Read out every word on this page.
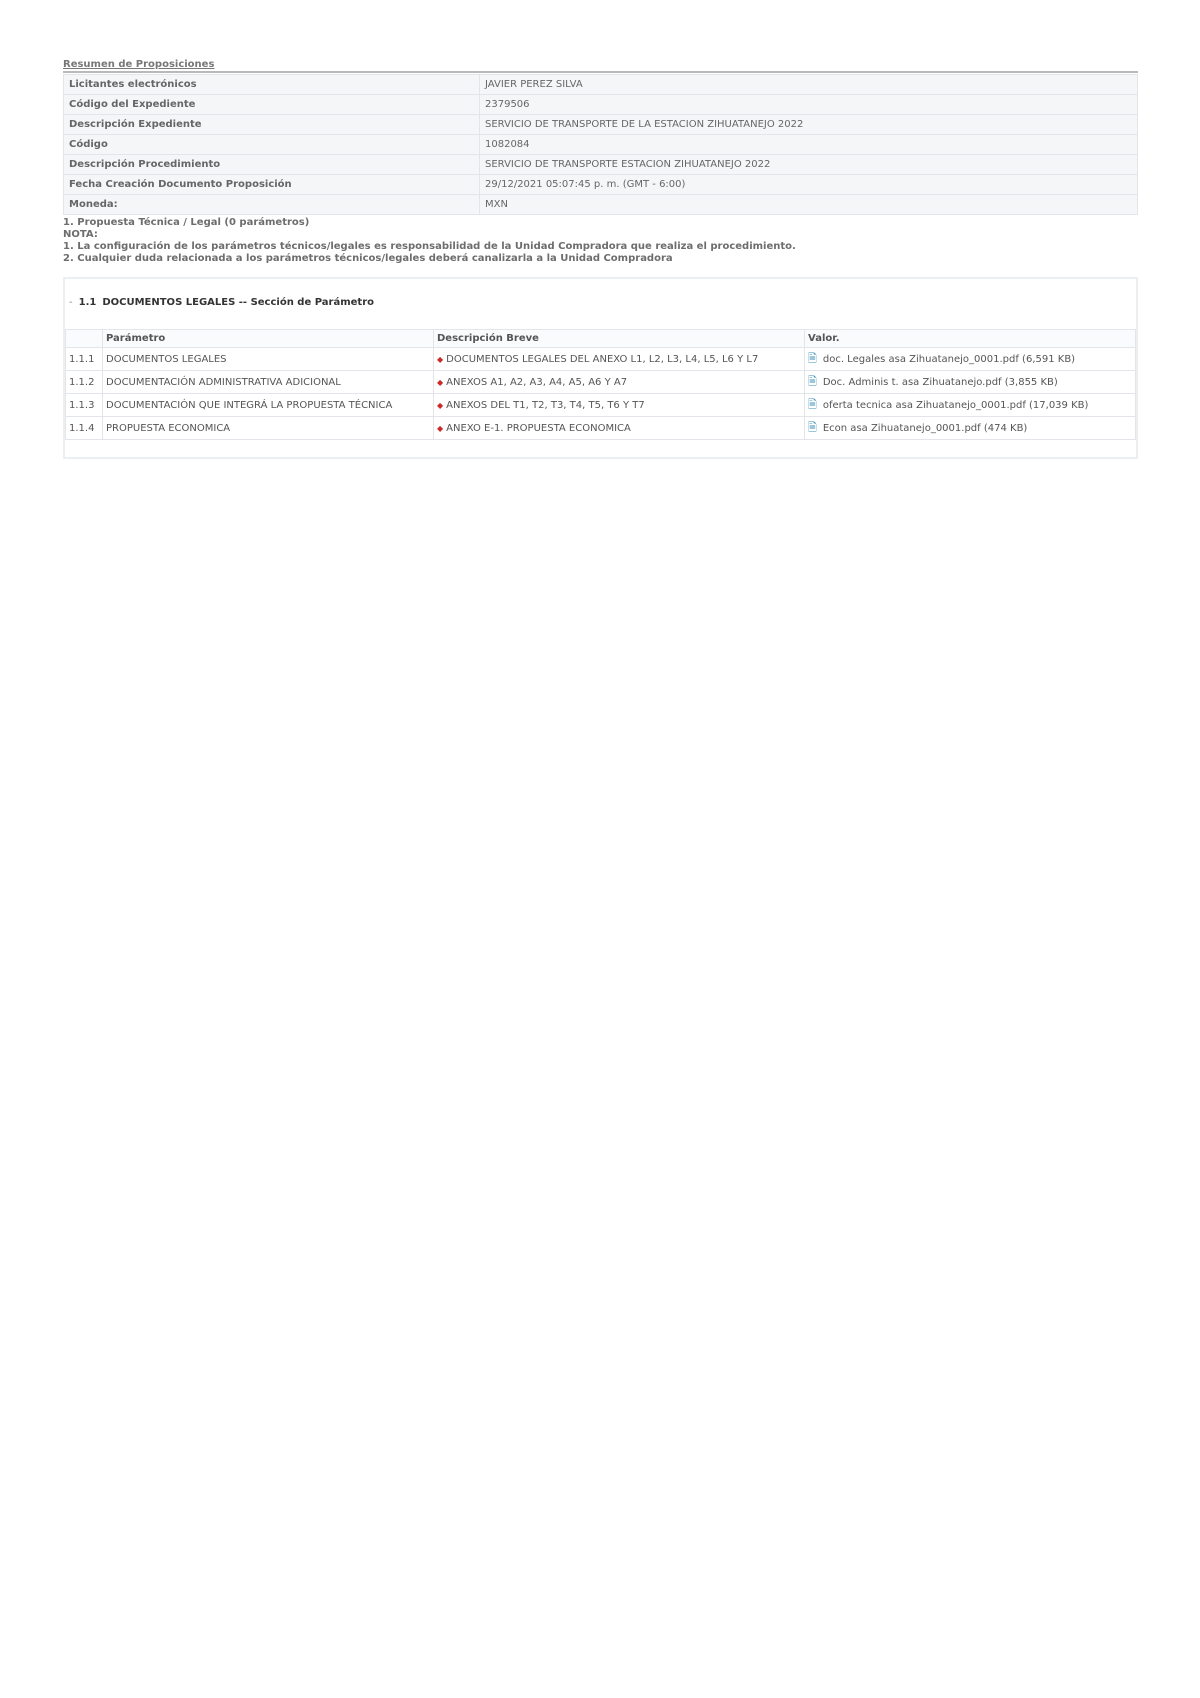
Resumen de Proposiciones
Licitantes electrónicos	JAVIER PEREZ SILVA
Código del Expediente	2379506
Descripción Expediente	SERVICIO DE TRANSPORTE DE LA ESTACION ZIHUATANEJO 2022
Código	1082084
Descripción Procedimiento	SERVICIO DE TRANSPORTE ESTACION ZIHUATANEJO 2022
Fecha Creación Documento Proposición	29/12/2021 05:07:45 p. m. (GMT - 6:00)
Moneda:	MXN
1. Propuesta Técnica / Legal (0 parámetros)
NOTA:
1. La configuración de los parámetros técnicos/legales es responsabilidad de la Unidad Compradora que realiza el procedimiento.
2. Cualquier duda relacionada a los parámetros técnicos/legales deberá canalizarla a la Unidad Compradora
- 1.1 DOCUMENTOS LEGALES -- Sección de Parámetro
	Parámetro	Descripción Breve	Valor.
1.1.1	DOCUMENTOS LEGALES	◆ DOCUMENTOS LEGALES DEL ANEXO L1, L2, L3, L4, L5, L6 Y L7	🗎 doc. Legales asa Zihuatanejo_0001.pdf (6,591 KB)
1.1.2	DOCUMENTACIÓN ADMINISTRATIVA ADICIONAL	◆ ANEXOS A1, A2, A3, A4, A5, A6 Y A7	🗎 Doc. Adminis t. asa Zihuatanejo.pdf (3,855 KB)
1.1.3	DOCUMENTACIÓN QUE INTEGRÁ LA PROPUESTA TÉCNICA	◆ ANEXOS DEL T1, T2, T3, T4, T5, T6 Y T7	🗎 oferta tecnica asa Zihuatanejo_0001.pdf (17,039 KB)
1.1.4	PROPUESTA ECONOMICA	◆ ANEXO E-1. PROPUESTA ECONOMICA	🗎 Econ asa Zihuatanejo_0001.pdf (474 KB)
